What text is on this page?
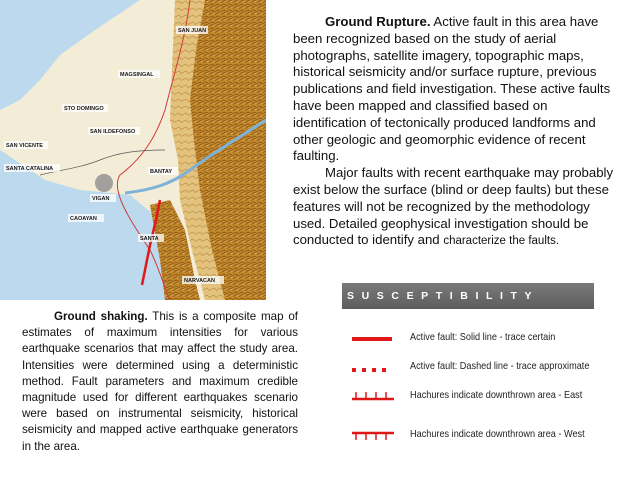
SAN JUAN
MAGSINGAL
STO DOMINGO
SAN ILDEFONSO
SAN VICENTE
SANTA CATALINA	BANTAY
VIGAN
CAOAYAN
SANTA
NARVACAN

Ground Rupture. Active fault in this area have been recognized based on the study of aerial photographs, satellite imagery, topographic maps, historical seismicity and/or surface rupture, previous publications and field investigation. These active faults have been mapped and classified based on identification of tectonically produced landforms and other geologic and geomorphic evidence of recent faulting.

Major faults with recent earthquake may probably exist below the surface (blind or deep faults) but these features will not be recognized by the methodology used. Detailed geophysical investigation should be conducted to identify and characterize the faults.

Ground shaking. This is a composite map of estimates of maximum intensities for various earthquake scenarios that may affect the study area. Intensities were determined using a deterministic method. Fault parameters and maximum credible magnitude used for different earthquakes scenario were based on instrumental seismicity, historical seismicity and mapped active earthquake generators in the area.
SUSCEPTIBILITY
Active fault: Solid line - trace certain
Active fault: Dashed line - trace approximate
Hachures indicate downthrown area - East
Hachures indicate downthrown area - West
